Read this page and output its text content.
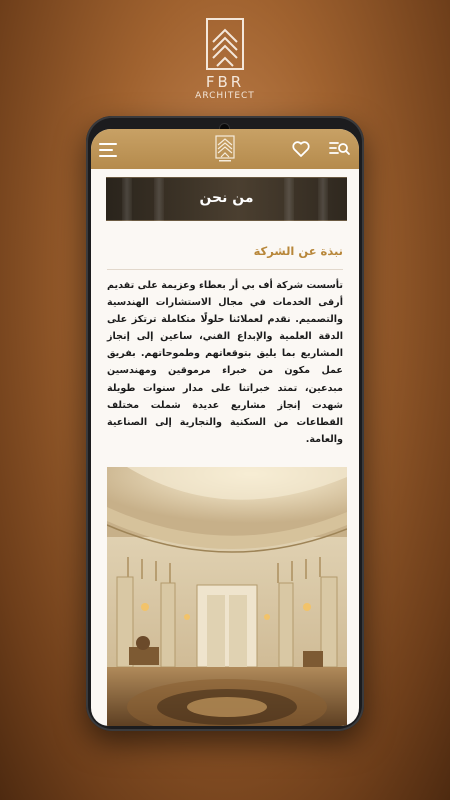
FBR
ARCHITECT
من نحن
نبذة عن الشركة
تأسست شركة أف بي أر بعطاء وعزيمة على تقديم أرقى الخدمات في مجال الاستشارات الهندسية والتصميم. نقدم لعملائنا حلولًا متكاملة ترتكز على الدقة العلمية والإبداع الفني، ساعين إلى إنجاز المشاريع بما يليق بتوقعاتهم وطموحاتهم. بفريق عمل مكون من خبراء مرموقين ومهندسين مبدعين، تمتد خبراتنا على مدار سنوات طويلة شهدت إنجاز مشاريع عديدة شملت مختلف القطاعات من السكنية والتجارية إلى الصناعية والعامة.
